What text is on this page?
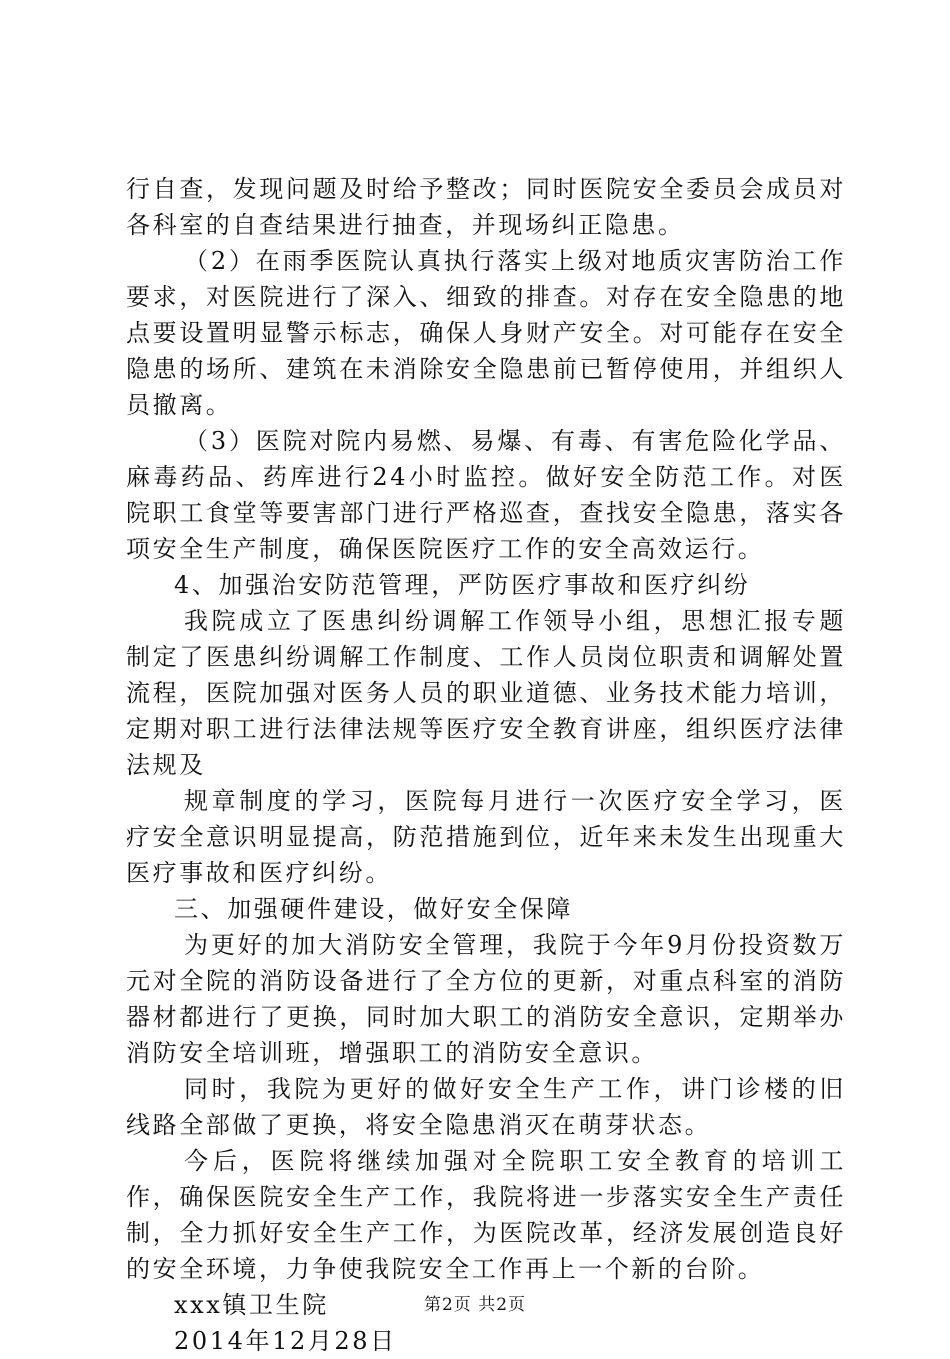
行自查，发现问题及时给予整改；同时医院安全委员会成员对各科室的自查结果进行抽查，并现场纠正隐患。

（2）在雨季医院认真执行落实上级对地质灾害防治工作要求，对医院进行了深入、细致的排查。对存在安全隐患的地点要设置明显警示标志，确保人身财产安全。对可能存在安全隐患的场所、建筑在未消除安全隐患前已暂停使用，并组织人员撤离。

（3）医院对院内易燃、易爆、有毒、有害危险化学品、麻毒药品、药库进行24小时监控。做好安全防范工作。对医院职工食堂等要害部门进行严格巡查，查找安全隐患，落实各项安全生产制度，确保医院医疗工作的安全高效运行。

4、加强治安防范管理，严防医疗事故和医疗纠纷

我院成立了医患纠纷调解工作领导小组，思想汇报专题制定了医患纠纷调解工作制度、工作人员岗位职责和调解处置流程，医院加强对医务人员的职业道德、业务技术能力培训，定期对职工进行法律法规等医疗安全教育讲座，组织医疗法律法规及

规章制度的学习，医院每月进行一次医疗安全学习，医疗安全意识明显提高，防范措施到位，近年来未发生出现重大医疗事故和医疗纠纷。

三、加强硬件建设，做好安全保障

为更好的加大消防安全管理，我院于今年9月份投资数万元对全院的消防设备进行了全方位的更新，对重点科室的消防器材都进行了更换，同时加大职工的消防安全意识，定期举办消防安全培训班，增强职工的消防安全意识。

同时，我院为更好的做好安全生产工作，讲门诊楼的旧线路全部做了更换，将安全隐患消灭在萌芽状态。

今后，医院将继续加强对全院职工安全教育的培训工作，确保医院安全生产工作，我院将进一步落实安全生产责任制，全力抓好安全生产工作，为医院改革，经济发展创造良好的安全环境，力争使我院安全工作再上一个新的台阶。

xxx镇卫生院

2014年12月28日

第2页 共2页
